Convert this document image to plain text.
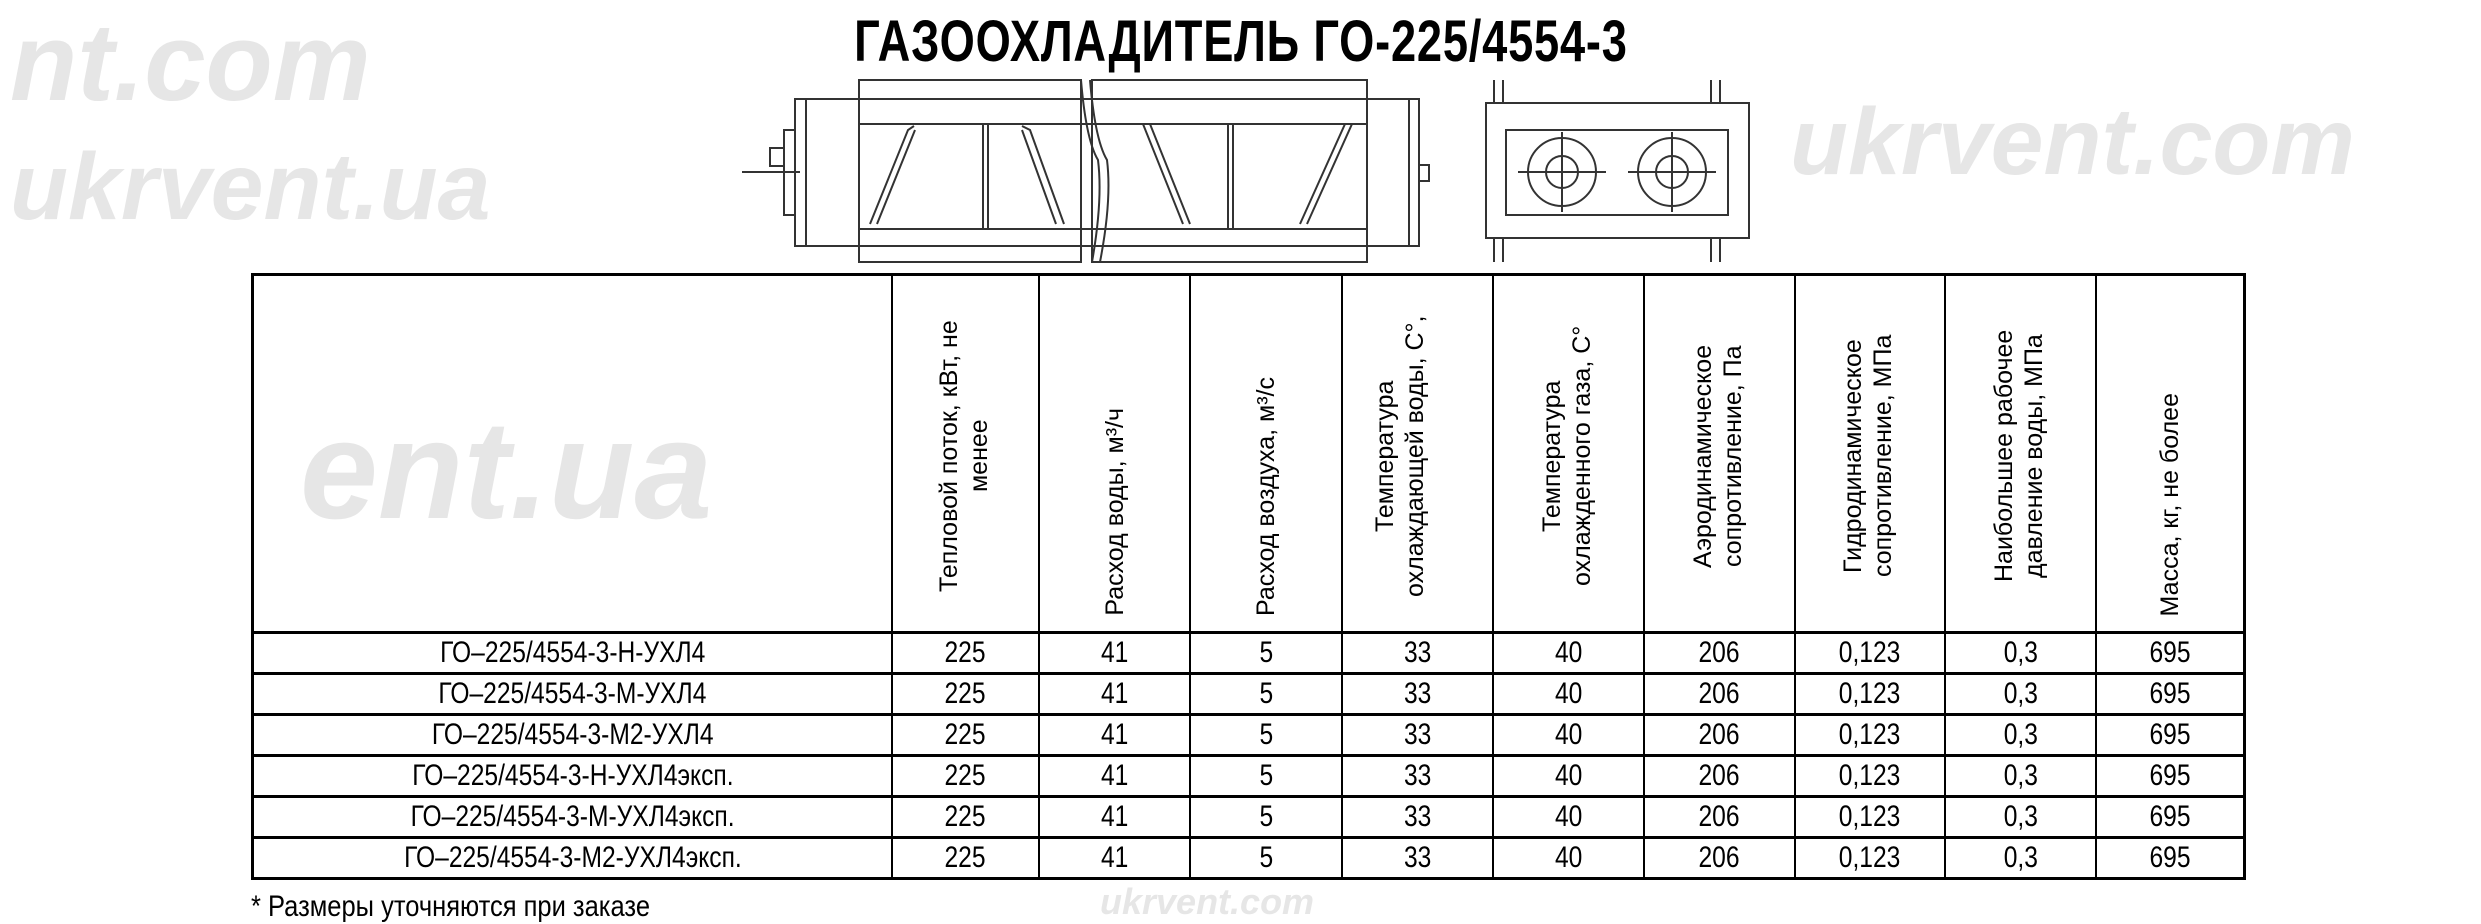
nt.com
ukrvent.com
ent.ua
ukrvent.ua
ukrvent.com
ГАЗООХЛАДИТЕЛЬ ГО-225/4554-3
	Тепловой поток, кВт, не менее	Расход воды, м³/ч	Расход воздуха, м³/с	Температура охлаждающей воды, С°,	Температура охлажденного газа, С°	Аэродинамическое сопротивление, Па	Гидродинамическое сопротивление, МПа	Наибольшее рабочее давление воды, МПа	Масса, кг, не более
ГО–225/4554-3-Н-УХЛ4	225	41	5	33	40	206	0,123	0,3	695
ГО–225/4554-3-М-УХЛ4	225	41	5	33	40	206	0,123	0,3	695
ГО–225/4554-3-М2-УХЛ4	225	41	5	33	40	206	0,123	0,3	695
ГО–225/4554-3-Н-УХЛ4эксп.	225	41	5	33	40	206	0,123	0,3	695
ГО–225/4554-3-М-УХЛ4эксп.	225	41	5	33	40	206	0,123	0,3	695
ГО–225/4554-3-М2-УХЛ4эксп.	225	41	5	33	40	206	0,123	0,3	695
* Размеры уточняются при заказе
